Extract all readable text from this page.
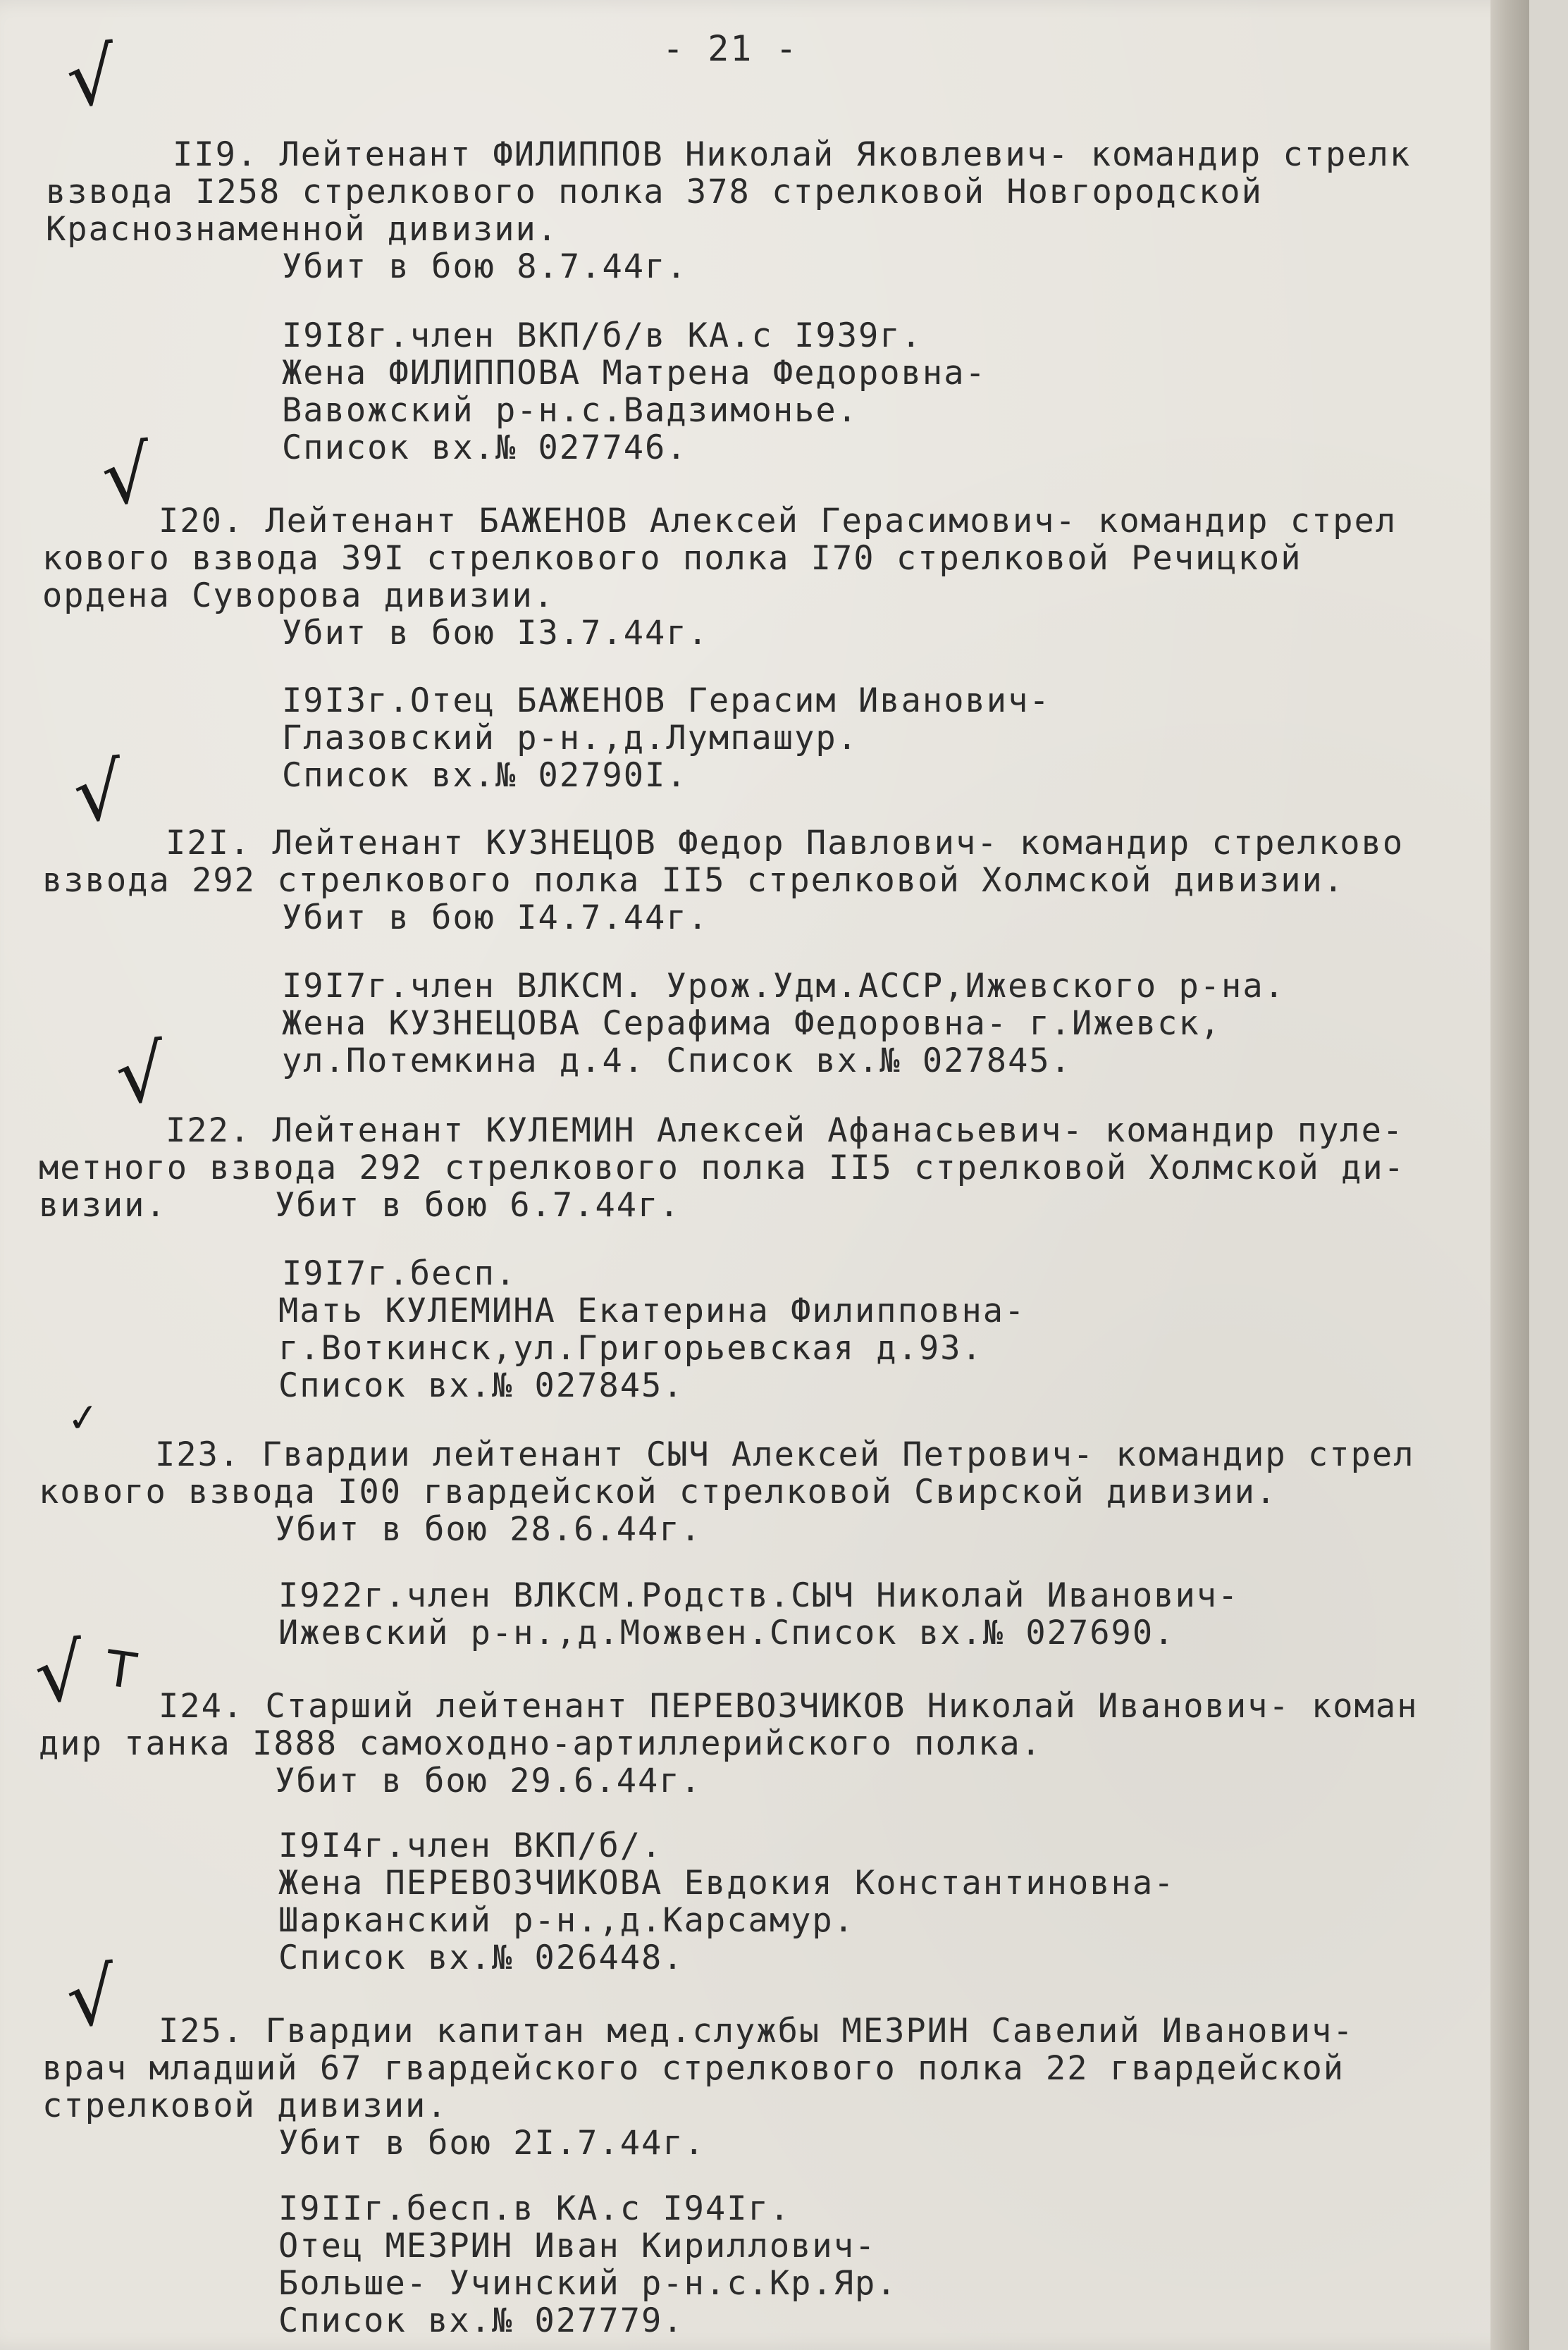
- 21 -
√
II9. Лейтенант ФИЛИППОВ Николай Яковлевич- командир стрелк
взвода I258 стрелкового полка 378 стрелковой Новгородской
Краснознаменной дивизии.
Убит в бою 8.7.44г.
I9I8г.член ВКП/б/в КА.с I939г.
Жена ФИЛИППОВА Матрена Федоровна-
Вавожский р-н.с.Вадзимонье.
Список вх.№ 027746.
√ I20. Лейтенант БАЖЕНОВ Алексей Герасимович- командир стрел
кового взвода 39I стрелкового полка I70 стрелковой Речицкой
ордена Суворова дивизии.
Убит в бою I3.7.44г.
I9I3г.Отец БАЖЕНОВ Герасим Иванович-
Глазовский р-н.,д.Лумпашур.
Список вх.№ 02790I.
√
I2I. Лейтенант КУЗНЕЦОВ Федор Павлович- командир стрелково
взвода 292 стрелкового полка II5 стрелковой Холмской дивизии.
Убит в бою I4.7.44г.
I9I7г.член ВЛКСМ. Урож.Удм.АССР,Ижевского р-на.
Жена КУЗНЕЦОВА Серафима Федоровна- г.Ижевск,
ул.Потемкина д.4. Список вх.№ 027845.
√
I22. Лейтенант КУЛЕМИН Алексей Афанасьевич- командир пуле-
метного взвода 292 стрелкового полка II5 стрелковой Холмской ди-
визии.	Убит в бою 6.7.44г.
I9I7г.бесп.
Мать КУЛЕМИНА Екатерина Филипповна-
г.Воткинск,ул.Григорьевская д.93.
Список вх.№ 027845.
✓
I23. Гвардии лейтенант СЫЧ Алексей Петрович- командир стрел
кового взвода I00 гвардейской стрелковой Свирской дивизии.
Убит в бою 28.6.44г.
I922г.член ВЛКСМ.Родств.СЫЧ Николай Иванович-
Ижевский р-н.,д.Можвен.Список вх.№ 027690.
√ T
I24. Старший лейтенант ПЕРЕВОЗЧИКОВ Николай Иванович- коман
дир танка I888 самоходно-артиллерийского полка.
Убит в бою 29.6.44г.
I9I4г.член ВКП/б/.
Жена ПЕРЕВОЗЧИКОВА Евдокия Константиновна-
Шарканский р-н.,д.Карсамур.
Список вх.№ 026448.
√ I25. Гвардии капитан мед.службы МЕЗРИН Савелий Иванович-
врач младший 67 гвардейского стрелкового полка 22 гвардейской
стрелковой дивизии.
Убит в бою 2I.7.44г.
I9IIг.бесп.в КА.с I94Iг.
Отец МЕЗРИН Иван Кириллович-
Больше- Учинский р-н.с.Кр.Яр.
Список вх.№ 027779.
